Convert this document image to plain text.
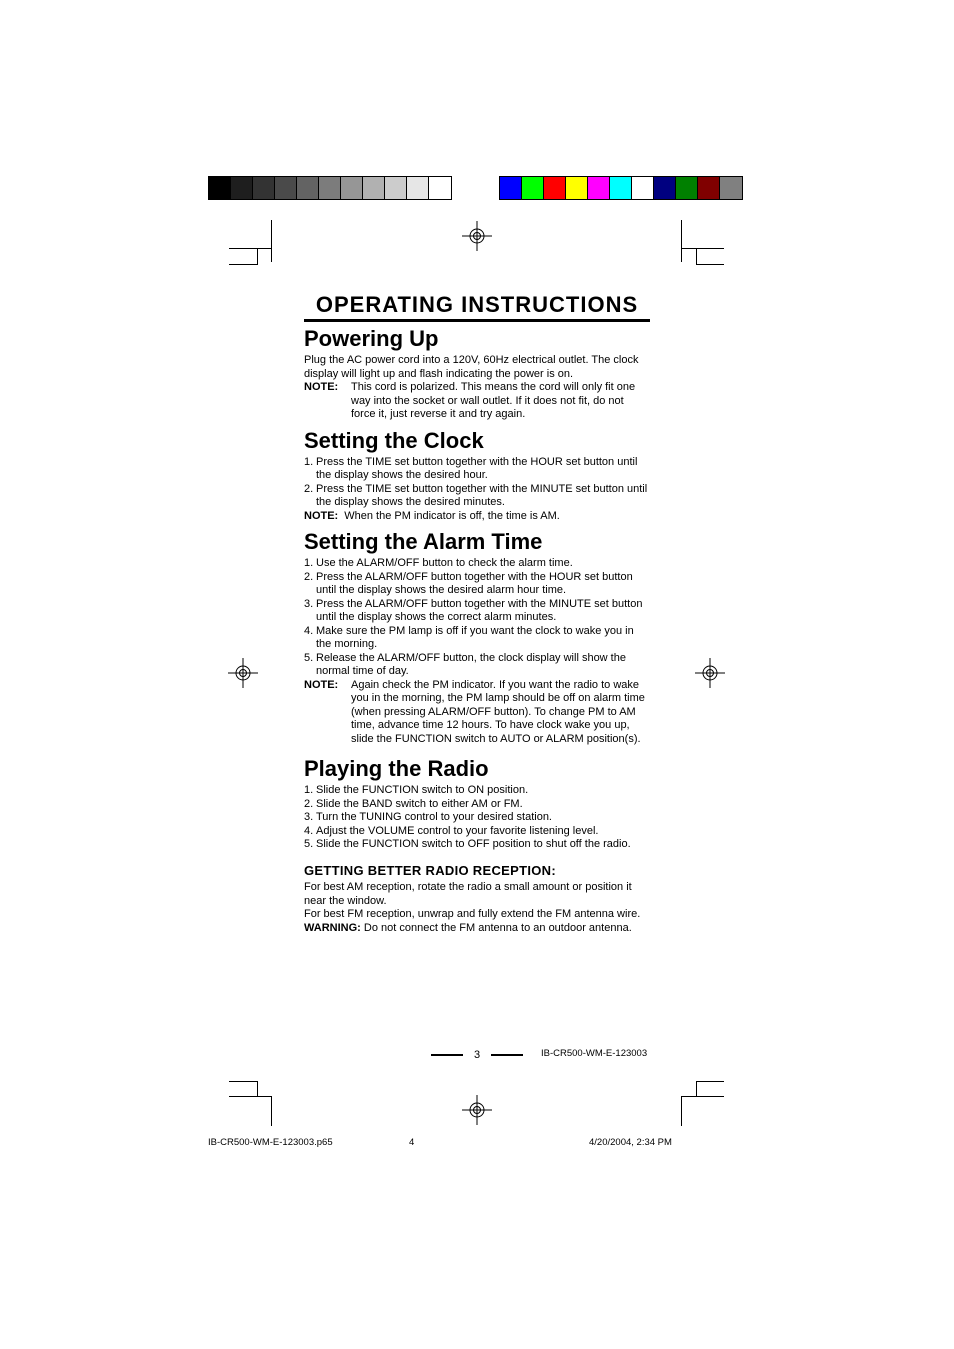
OPERATING INSTRUCTIONS
Powering Up

Plug the AC power cord into a 120V, 60Hz electrical outlet. The clock display will light up and flash indicating the power is on.

NOTE:	This cord is polarized. This means the cord will only fit one way into the socket or wall outlet. If it does not fit, do not force it, just reverse it and try again.
Setting the Clock
1. Press the TIME set button together with the HOUR set button until the display shows the desired hour.
2. Press the TIME set button together with the MINUTE set button until the display shows the desired minutes.
NOTE: When the PM indicator is off, the time is AM.
Setting the Alarm Time
1. Use the ALARM/OFF button to check the alarm time.
2. Press the ALARM/OFF button together with the HOUR set button until the display shows the desired alarm hour time.
3. Press the ALARM/OFF button together with the MINUTE set button until the display shows the correct alarm minutes.
4. Make sure the PM lamp is off if you want the clock to wake you in the morning.
5. Release the ALARM/OFF button, the clock display will show the normal time of day.
NOTE:	Again check the PM indicator. If you want the radio to wake you in the morning, the PM lamp should be off on alarm time (when pressing ALARM/OFF button). To change PM to AM time, advance time 12 hours. To have clock wake you up, slide the FUNCTION switch to AUTO or ALARM position(s).
Playing the Radio
1. Slide the FUNCTION switch to ON position.
2. Slide the BAND switch to either AM or FM.
3. Turn the TUNING control to your desired station.
4. Adjust the VOLUME control to your favorite listening level.
5. Slide the FUNCTION switch to OFF position to shut off the radio.
GETTING BETTER RADIO RECEPTION:

For best AM reception, rotate the radio a small amount or position it near the window.

For best FM reception, unwrap and fully extend the FM antenna wire.

WARNING: Do not connect the FM antenna to an outdoor antenna.

3	IB-CR500-WM-E-123003
IB-CR500-WM-E-123003.p65	4	4/20/2004, 2:34 PM
